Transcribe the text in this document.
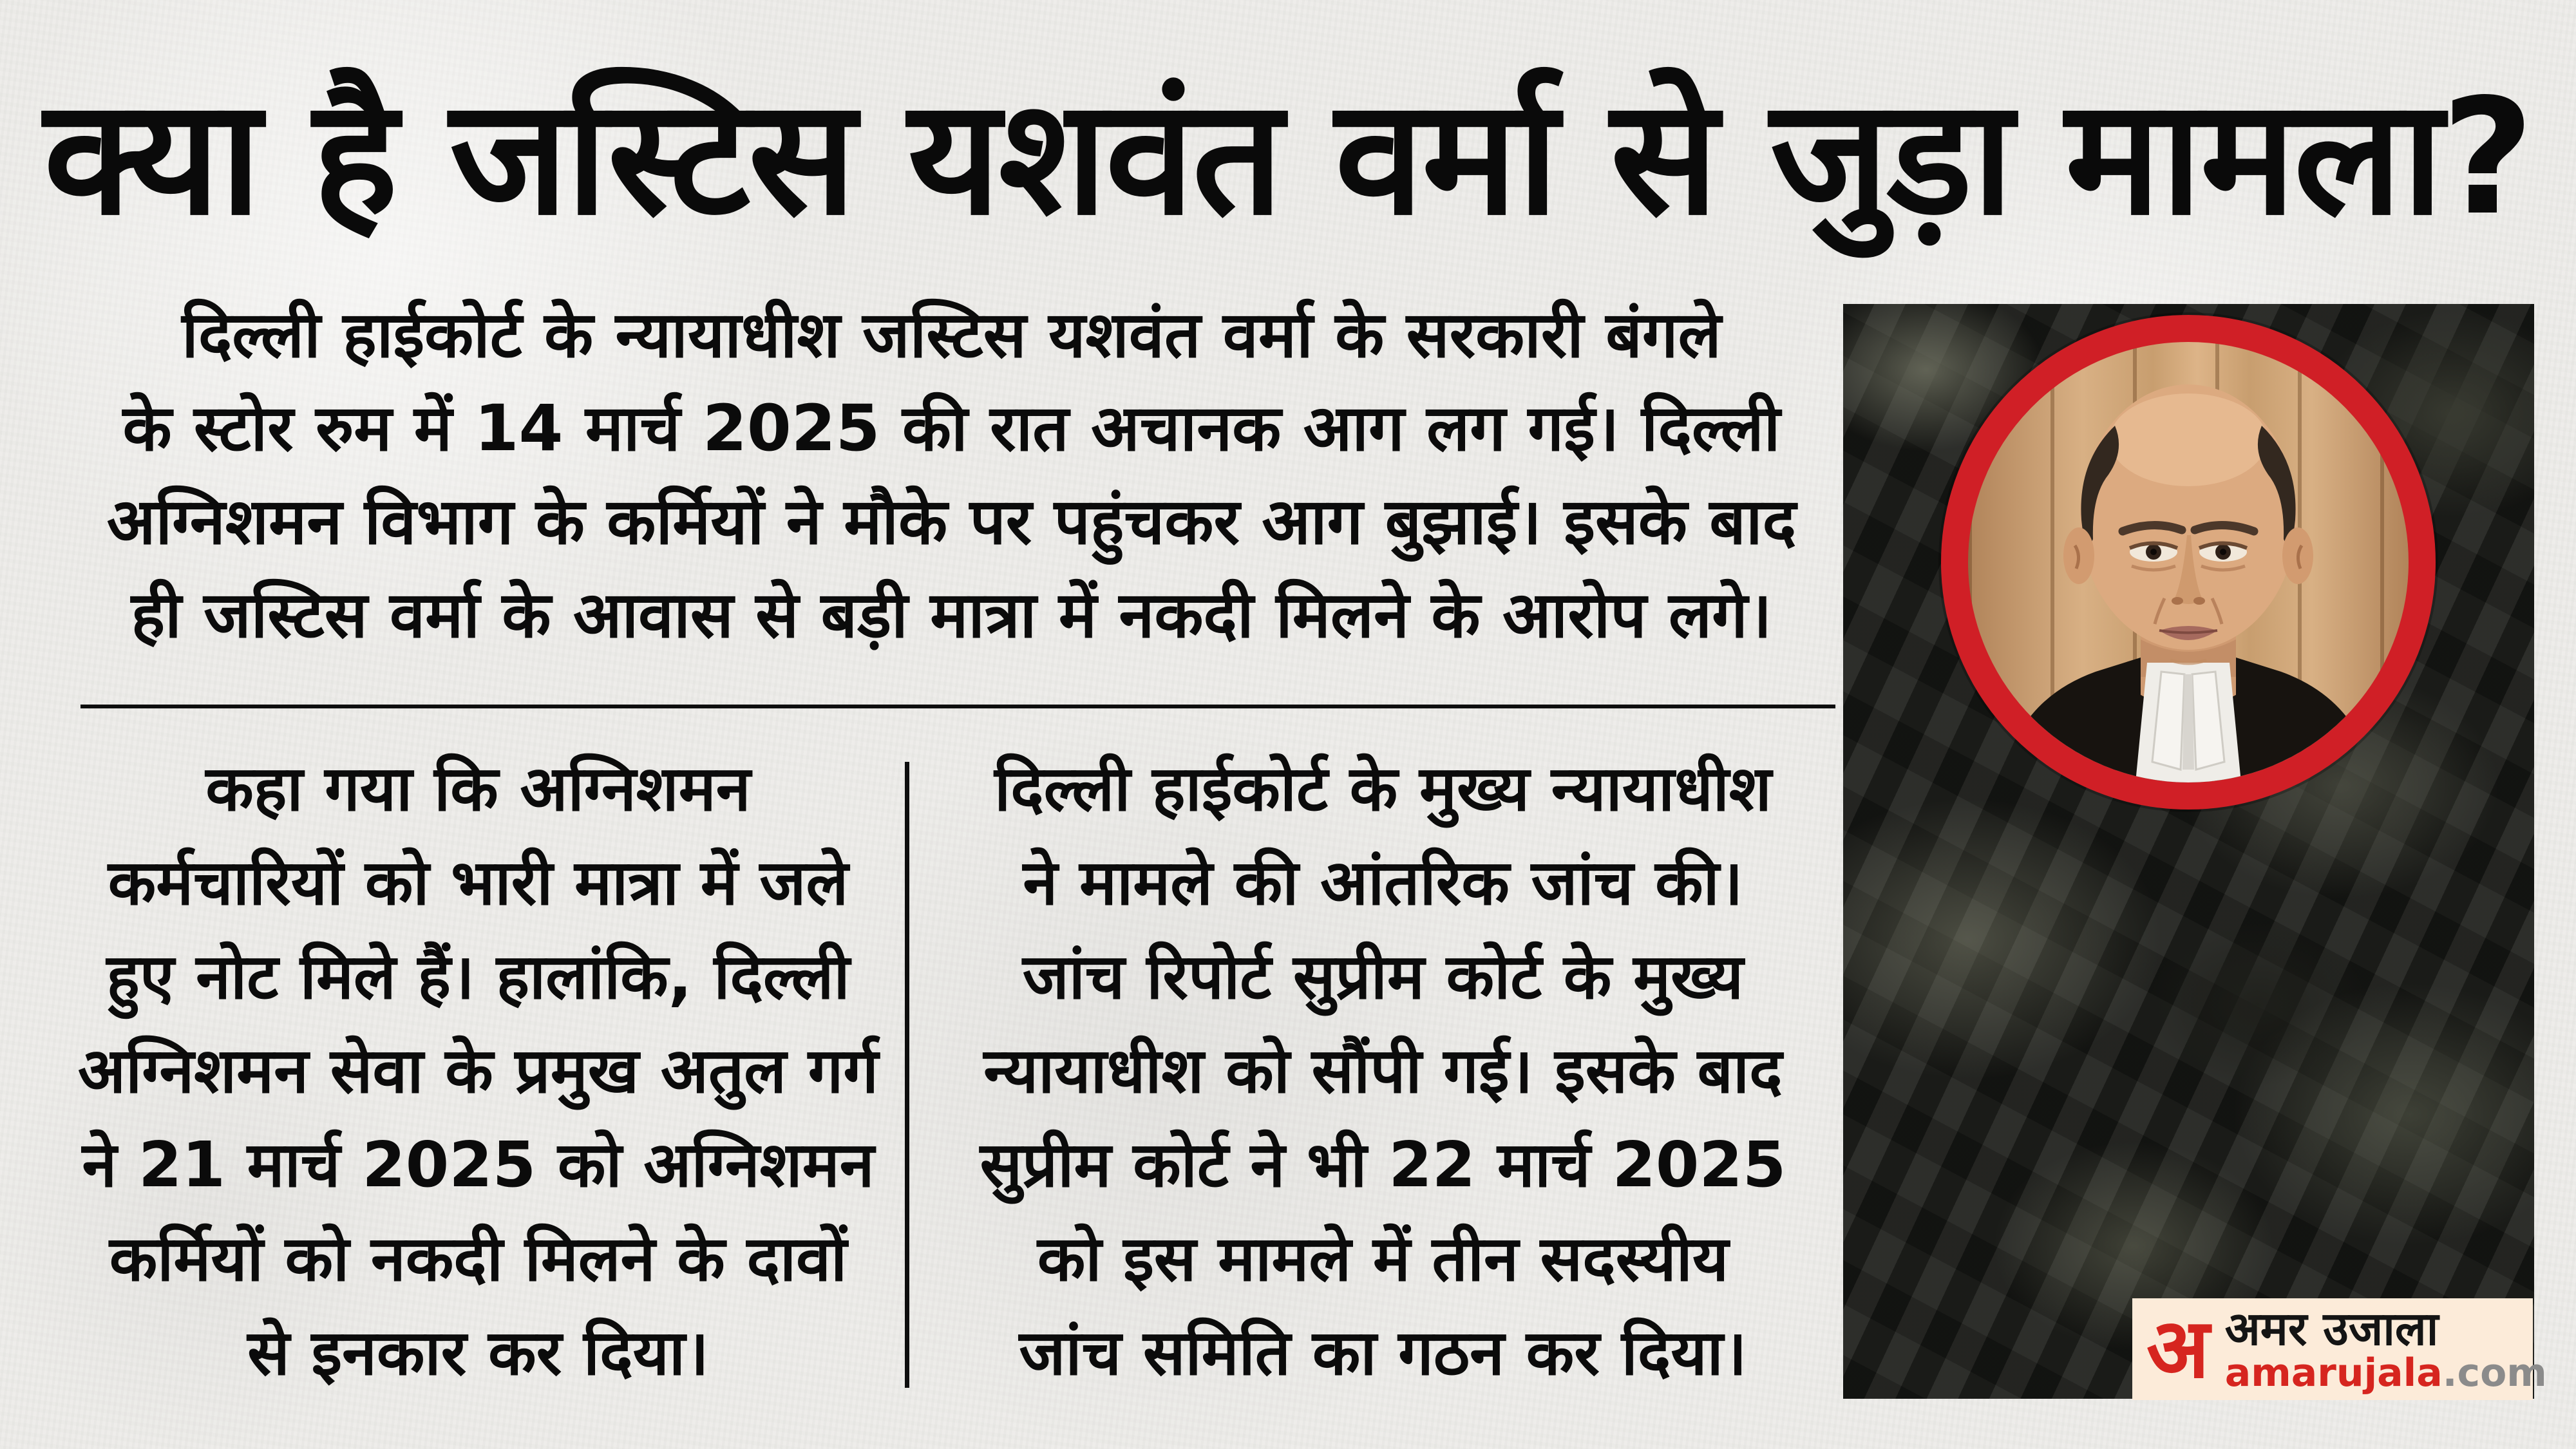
क्या है जस्टिस यशवंत वर्मा से जुड़ा मामला?
दिल्ली हाईकोर्ट के न्यायाधीश जस्टिस यशवंत वर्मा के सरकारी बंगले
के स्टोर रुम में 14 मार्च 2025 की रात अचानक आग लग गई। दिल्ली
अग्निशमन विभाग के कर्मियों ने मौके पर पहुंचकर आग बुझाई। इसके बाद
ही जस्टिस वर्मा के आवास से बड़ी मात्रा में नकदी मिलने के आरोप लगे।
कहा गया कि अग्निशमन
कर्मचारियों को भारी मात्रा में जले
हुए नोट मिले हैं। हालांकि, दिल्ली
अग्निशमन सेवा के प्रमुख अतुल गर्ग
ने 21 मार्च 2025 को अग्निशमन
कर्मियों को नकदी मिलने के दावों
से इनकार कर दिया।
दिल्ली हाईकोर्ट के मुख्य न्यायाधीश
ने मामले की आंतरिक जांच की।
जांच रिपोर्ट सुप्रीम कोर्ट के मुख्य
न्यायाधीश को सौंपी गई। इसके बाद
सुप्रीम कोर्ट ने भी 22 मार्च 2025
को इस मामले में तीन सदस्यीय
जांच समिति का गठन कर दिया।	अ अमर उजाला
amarujala.com
